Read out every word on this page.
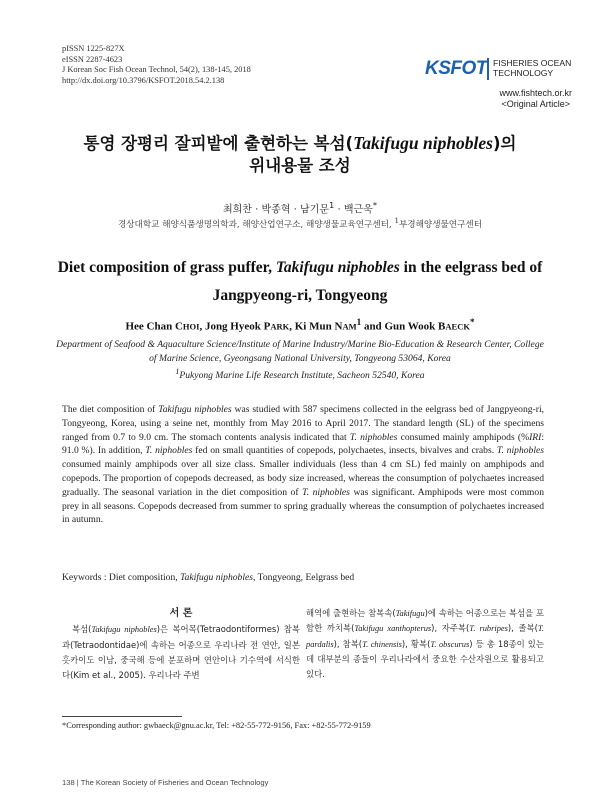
pISSN 1225-827X
eISSN 2287-4623
J Korean Soc Fish Ocean Technol, 54(2), 138-145, 2018
http://dx.doi.org/10.3796/KSFOT.2018.54.2.138
KSFOT FISHERIES OCEAN
TECHNOLOGY
www.fishtech.or.kr
<Original Article>
통영 장평리 잘피밭에 출현하는 복섬(Takifugu niphobles)의
위내용물 조성
최희찬 · 박종혁 · 남기문$^1$ · 백근욱*
경상대학교 해양식품생명의학과, 해양산업연구소, 해양생물교육연구센터, $^1$부경해양생물연구센터
Diet composition of grass puffer, Takifugu niphobles in the eelgrass bed of
Jangpyeong-ri, Tongyeong
Hee Chan CHOI, Jong Hyeok PARK, Ki Mun NAM$^1$ and Gun Wook BAECK*
Department of Seafood & Aquaculture Science/Institute of Marine Industry/Marine Bio-Education & Research Center, College
of Marine Science, Gyeongsang National University, Tongyeong 53064, Korea
$^1$Pukyong Marine Life Research Institute, Sacheon 52540, Korea
The diet composition of Takifugu niphobles was studied with 587 specimens collected in the eelgrass bed of Jangpyeong-ri, Tongyeong, Korea, using a seine net, monthly from May 2016 to April 2017. The standard length (SL) of the specimens ranged from 0.7 to 9.0 cm. The stomach contents analysis indicated that T. niphobles consumed mainly amphipods (%IRI: 91.0 %). In addition, T. niphobles fed on small quantities of copepods, polychaetes, insects, bivalves and crabs. T. niphobles consumed mainly amphipods over all size class. Smaller individuals (less than 4 cm SL) fed mainly on amphipods and copepods. The proportion of copepods decreased, as body size increased, whereas the consumption of polychaetes increased gradually. The seasonal variation in the diet composition of T. niphobles was significant. Amphipods were most common prey in all seasons. Copepods decreased from summer to spring gradually whereas the consumption of polychaetes increased in autumn.
Keywords : Diet composition, Takifugu niphobles, Tongyeong, Eelgrass bed
서 론
복섬(Takifugu niphobles)은 복어목(Tetraodontiformes) 참복과(Tetraodontidae)에 속하는 어종으로 우리나라 전 연안, 일본 홋카이도 이남, 중국해 등에 분포하며 연안이나 기수역에 서식한다(Kim et al., 2005). 우리나라 주변
해역에 출현하는 참복속(Takifugu)에 속하는 어종으로는 복섬을 포함한 까치복(Takifugu xanthopterus), 자주복(T. rubripes), 졸복(T. pardalis), 참복(T. chinensis), 황복(T. obscurus) 등 총 18종이 있는데 대부분의 종들이 우리나라에서 중요한 수산자원으로 활용되고 있다.
*Corresponding author: gwbaeck@gnu.ac.kr, Tel: +82-55-772-9156, Fax: +82-55-772-9159
138 | The Korean Society of Fisheries and Ocean Technology
